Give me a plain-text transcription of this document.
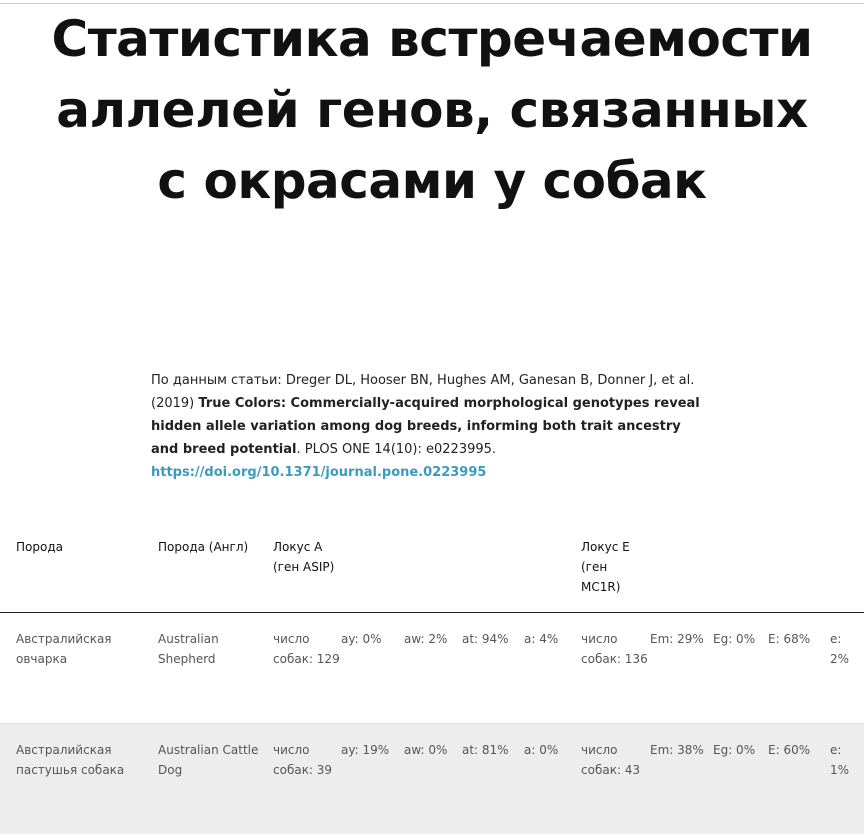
Статистика встречаемости аллелей генов, связанных с окрасами у собак

По данным статьи: Dreger DL, Hooser BN, Hughes AM, Ganesan B, Donner J, et al. (2019) True Colors: Commercially-acquired morphological genotypes reveal hidden allele variation among dog breeds, informing both trait ancestry and breed potential. PLOS ONE 14(10): e0223995. https://doi.org/10.1371/journal.pone.0223995

Порода	Порода (Англ)	Локус А (ген ASIP)					Локус Е (ген MC1R)				
Австралийская овчарка	Australian Shepherd	число собак: 129	ay: 0%	aw: 2%	at: 94%	a: 4%	число собак: 136	Em: 29%	Eg: 0%	E: 68%	e: 2%
Австралийская пастушья собака	Australian Cattle Dog	число собак: 39	ay: 19%	aw: 0%	at: 81%	a: 0%	число собак: 43	Em: 38%	Eg: 0%	E: 60%	e: 1%
